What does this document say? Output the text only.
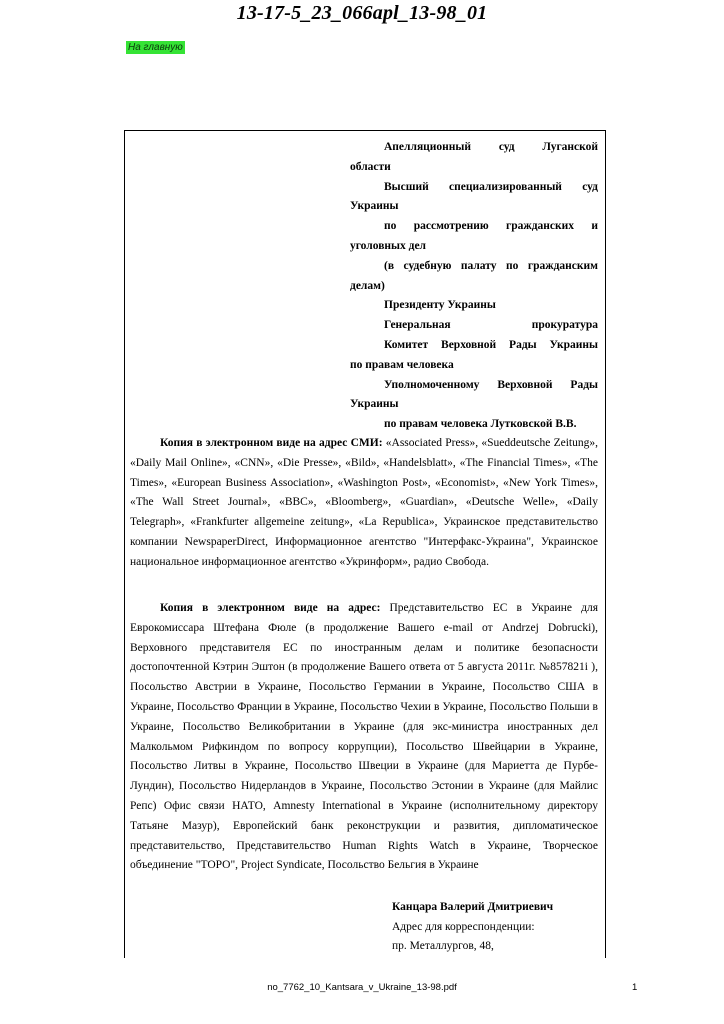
13-17-5_23_066apl_13-98_01
На главную
Апелляционный суд Луганской
области
Высший специализированный суд
Украины
по рассмотрению гражданских и
уголовных дел
(в судебную палату по гражданским
делам)
Президенту Украины
Генеральная прокуратура
Комитет Верховной Рады Украины
по правам человека
Уполномоченному Верховной Рады
Украины
по правам человека Лутковской В.В.
Копия в электронном виде на адрес СМИ: «Associated Press», «Sueddeutsche Zeitung», «Daily Mail Online», «CNN», «Die Presse», «Bild», «Handelsblatt», «The Financial Times», «The Times», «European Business Association», «Washington Post», «Economist», «New York Times», «The Wall Street Journal», «BBC», «Bloomberg», «Guardian», «Deutsche Welle», «Daily Telegraph», «Frankfurter allgemeine zeitung», «La Republica», Украинское представительство компании NewspaperDirect, Информационное агентство "Интерфакс-Украина", Украинское национальное информационное агентство «Укринформ», радио Свобода.
Копия в электронном виде на адрес: Представительство ЕС в Украине для Еврокомиссара Штефана Фюле (в продолжение Вашего e-mail от Andrzej Dobrucki), Верховного представителя ЕС по иностранным делам и политике безопасности достопочтенной Кэтрин Эштон (в продолжение Вашего ответа от 5 августа 2011г. №857821i ), Посольство Австрии в Украине, Посольство Германии в Украине, Посольство США в Украине, Посольство Франции в Украине, Посольство Чехии в Украине, Посольство Польши в Украине, Посольство Великобритании в Украине (для экс-министра иностранных дел Малкольмом Рифкиндом по вопросу коррупции), Посольство Швейцарии в Украине, Посольство Литвы в Украине, Посольство Швеции в Украине (для Мариетта де Пурбе-Лундин), Посольство Нидерландов в Украине, Посольство Эстонии в Украине (для Майлис Репс) Офис связи НАТО, Amnesty International в Украине (исполнительному директору Татьяне Мазур), Европейский банк реконструкции и развития, дипломатическое представительство, Представительство Human Rights Watch в Украине, Творческое объединение "ТОРО", Project Syndicate, Посольство Бельгия в Украине
Канцара Валерий Дмитриевич
Адрес для корреспонденции:
пр. Металлургов, 48,
no_7762_10_Kantsara_v_Ukraine_13-98.pdf	1
